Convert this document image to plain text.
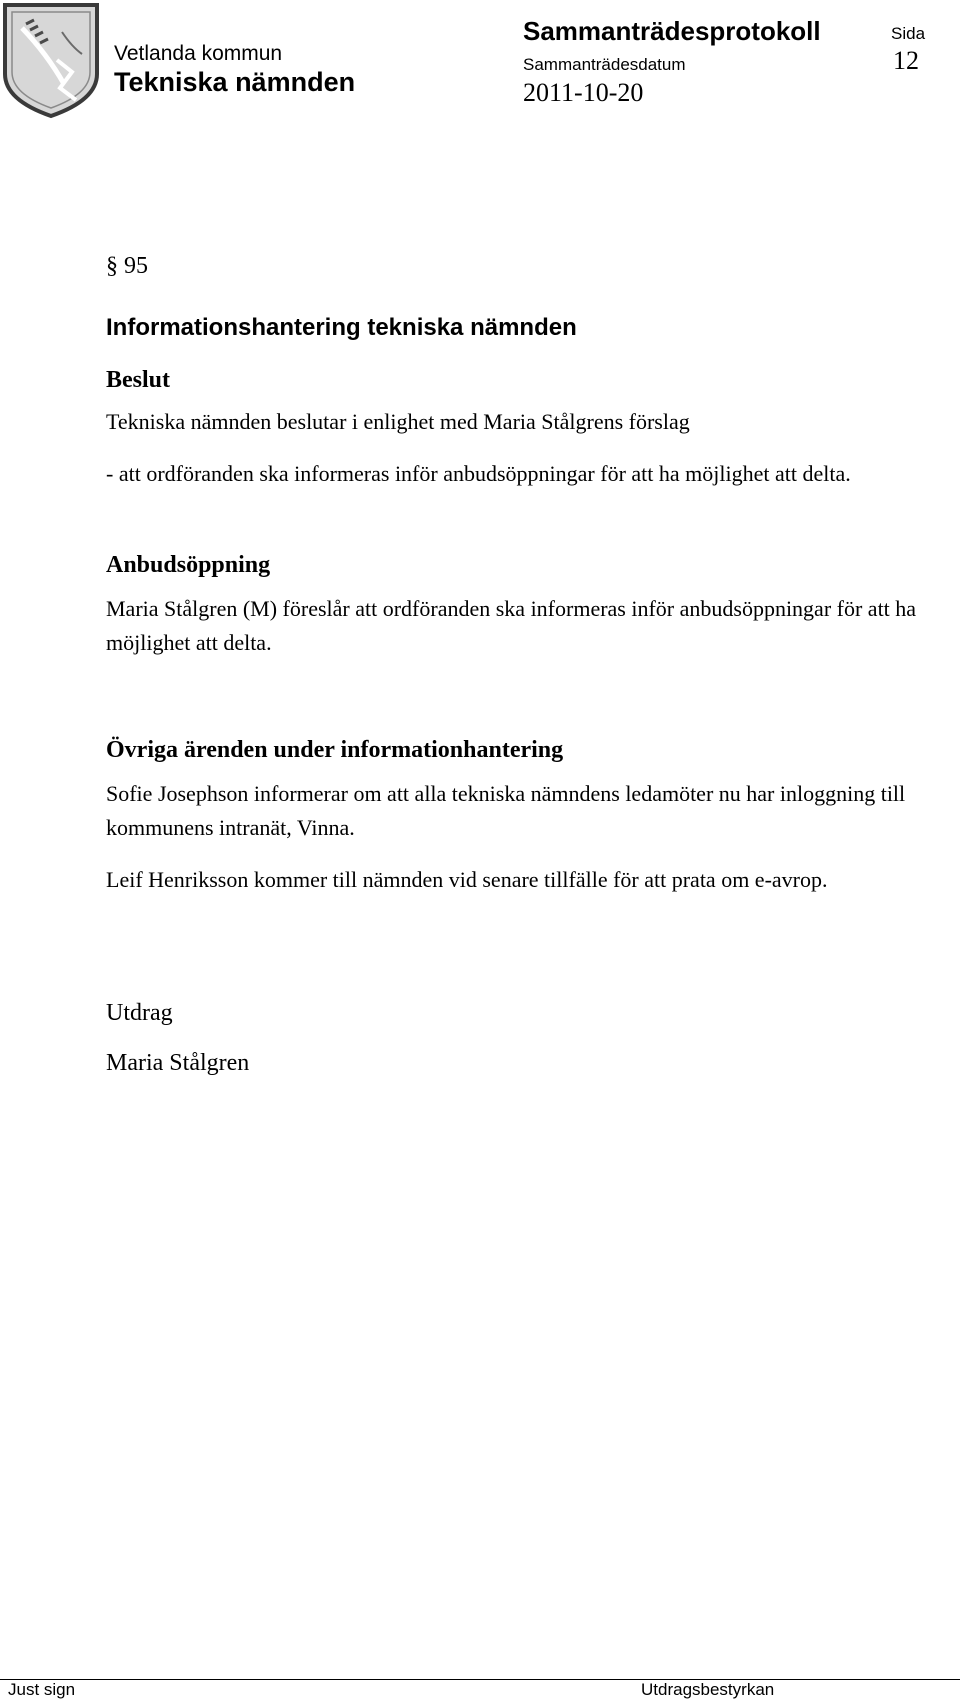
Vetlanda kommun
Tekniska nämnden
Sammanträdesprotokoll	Sida
Sammanträdesdatum
2011-10-20
12
§ 95
Informationshantering tekniska nämnden
Beslut
Tekniska nämnden beslutar i enlighet med Maria Stålgrens förslag
- att ordföranden ska informeras inför anbudsöppningar för att ha möjlighet att delta.
Anbudsöppning
Maria Stålgren (M) föreslår att ordföranden ska informeras inför anbudsöppningar för att ha möjlighet att delta.
Övriga ärenden under informationhantering
Sofie Josephson informerar om att alla tekniska nämndens ledamöter nu har inloggning till kommunens intranät, Vinna.
Leif Henriksson kommer till nämnden vid senare tillfälle för att prata om e-avrop.
Utdrag
Maria Stålgren
Just sign	Utdragsbestyrkan
